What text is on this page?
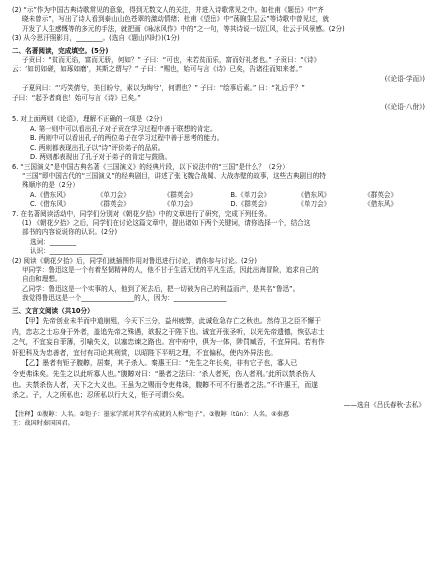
(2) “示”作为中国古典诗歌常见的意象，得到无数文人的关注，并进入诗歌常见之中。如杜甫《题岳》中“齐
晓未曾示”，写出了诗人看到泰山山色苍翠的激动情绪；杜甫《望岳》中“荡胸生层云”等诗歌中曾见过，就
开发了人生感慨等的多元的手法，就把画《咏冰风作》中的”之一句，等其诗说一切江风，壮云于风景感。(2分)
(3) 从今思汗照影月，________。(选自《题山四时》)(1分)
二、名著阅读，完成填空。(5分)
子贡曰：“贫而无谄，富而无骄，何如？” 子曰：“可也，未若贫而乐，富而好礼者也。” 子贡曰：“《诗》
云：‘如切如磋，如琢如磨’，其斯之谓与？” 子曰：“赐也，始可与言《诗》已矣，告诸往而知来者。”
(《论语·学而》)
子夏问曰：“‘巧笑倩兮，美目盼兮，素以为绚兮’，何谓也？” 子曰：“绘事后素。” 曰：“礼后乎？”
子曰：“起予者商也！始可与言《诗》已矣。”
(《论语·八佾》)
5. 对上面两则《论语》，理解不正确的一项是（2分）
A. 第一则中可以看出孔子对子贡在学习过程中善于联想的肯定。
B. 两则中可以看出孔子的两位弟子在学习过程中善于思考的能力。
C. 两则都表现出孔子以“诗”评价弟子的品质。
D. 两则都表现出了孔子对于弟子的肯定与鼓励。
6. “三国演义”是中国古典名著《三国演义》的经典片段，以下说法中的“三国”是什么？（2分）
“三国”即中国古代的“三国演义”的经典剧目，讲述了张飞魏合战蜀、大战赤壁的故事，这些古典剧目的特
殊顺序的是（2分）
A.《借东风》	《单刀会》	《群英会》	B.《单刀会》	《借东风》	《群英会》
C.《借东风》	《群英会》	《单刀会》	D.《群英会》	《单刀会》	《借东风》
7. 在名著阅读活动中，同学们分别对《朝花夕拾》中的文章进行了研究，完成下列任务。
(1) 《朝花夕拾》之后，同学们在讨论这篇文章中，提出诸如下两个关键词，请你选择一个，结合这
部书的内容说说你的认识。(2分)
选词：________
认识：________________
(2) 阅读《朝花夕拾》后，同学们就插图作用对鲁迅进行讨论，请你参与讨论。(2分)
甲同学：鲁迅这是一个有着坚韧精神的人，他不甘于生活无忧的平凡生活，因此出海冒险，追求自己的
自由和理想。
乙同学：鲁迅这是一个实事的人，他到了死去后，把一切被为自己的利益而产，是其名“鲁迅”。
我觉得鲁迅这是一个________________的人，因为：________________
三、文言文阅读（共10分）
【甲】先帝创业未半而中道崩殂，今天下三分，益州疲弊，此诚危急存亡之秋也。然侍卫之臣不懈于
内，忠志之士忘身于外者，盖追先帝之殊遇，欲报之于陛下也。诚宜开张圣听，以光先帝遗德，恢弘志士
之气，不宜妄自菲薄，引喻失义，以塞忠谏之路也。宫中府中，俱为一体，陟罚臧否，不宜异同。若有作
奸犯科及为忠善者，宜付有司论其刑赏，以昭陛下平明之理，不宜偏私，使内外异法也。
【乙】墨者有钜子腹䵍，居秦，其子杀人。秦惠王曰：“先生之年长矣，非有它子也，寡人已
令吏弗诛矣。先生之以此听寡人也。”腹䵍对曰：“墨者之法曰：‘杀人者死，伤人者刑。’此所以禁杀伤人
也。夫禁杀伤人者，天下之大义也。王虽为之赐而令吏弗诛，腹䵍不可不行墨者之法。”不许惠王，而遂
杀之。子，人之所私也；忍所私以行大义，钜子可谓公矣。
——选自《吕氏春秋·去私》
【注释】①腹䵍：人名。②钜子：墨家学派对其学有成就的人称“钜子”。③腹䵍（tūn）：人名。④秦惠
王：战国时秦国国君。
